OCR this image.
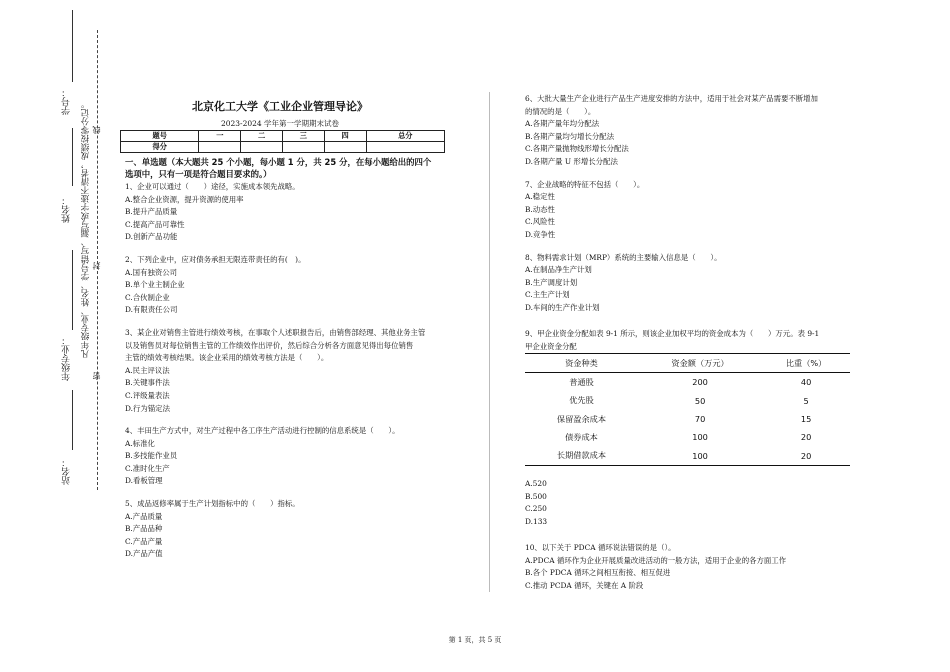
学号：
姓名：
年级专业：
站名：
凡年级专业、姓名、学号错写、漏写或字迹不清者，成绩按零分记。 线
封
密
北京化工大学《工业企业管理导论》
2023-2024 学年第一学期期末试卷
题号	一	二	三	四	总分
得分					
一、单选题（本大题共 25 个小题，每小题 1 分，共 25 分，在每小题给出的四个
选项中，只有一项是符合题目要求的。）
1、企业可以通过（　　）途径，实施成本领先战略。
A.整合企业资源，提升资源的使用率
B.提升产品质量
C.提高产品可靠性
D.创新产品功能
2、下列企业中，应对债务承担无限连带责任的有(　)。
A.国有独资公司
B.单个业主制企业
C.合伙制企业
D.有限责任公司
3、某企业对销售主管进行绩效考核，在事取个人述职报告后，由销售部经理、其他业务主管
以及销售员对每位销售主管的工作绩效作出评价，然后综合分析各方面意见得出每位销售
主管的绩效考核结果。该企业采用的绩效考核方法是（　　）。
A.民主评议法
B.关键事件法
C.评级量表法
D.行为锚定法
4、丰田生产方式中，对生产过程中各工序生产活动进行控制的信息系统是（　　）。
A.标准化
B.多技能作业员
C.准时化生产
D.看板管理
5、成品返修率属于生产计划指标中的（　　）指标。
A.产品质量
B.产品品种
C.产品产量
D.产品产值
6、大批大量生产企业进行产品生产进度安排的方法中，适用于社会对某产品需要不断增加
的情况的是（　　）。
A.各期产量年均分配法
B.各期产量均匀增长分配法
C.各期产量抛物线形增长分配法
D.各期产量 U 形增长分配法
7、企业战略的特征不包括（　　）。
A.稳定性
B.动态性
C.风险性
D.竞争性
8、物料需求计划（MRP）系统的主要输入信息是（　　）。
A.在制品净生产计划
B.生产调度计划
C.主生产计划
D.车间的生产作业计划
9、甲企业资金分配如表 9-1 所示，则该企业加权平均的资金成本为（　　）万元。表 9-1
甲企业资金分配
资金种类	资金额（万元）	比重（%）
普通股	200	40
优先股	50	5
保留盈余成本	70	15
债券成本	100	20
长期借款成本	100	20
A.520
B.500
C.250
D.133
10、以下关于 PDCA 循环说法错误的是（）。
A.PDCA 循环作为企业开展质量改进活动的一般方法，适用于企业的各方面工作
B.各个 PDCA 循环之间相互衔接、相互促进
C.推动 PCDA 循环，关键在 A 阶段
第 1 页，共 5 页
